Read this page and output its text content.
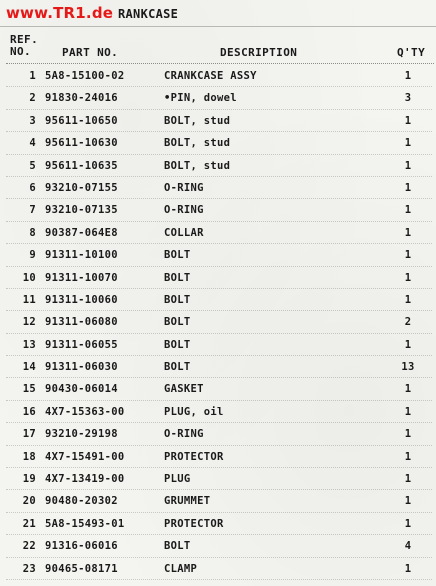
www.TR1.de RANKCASE
REF.
NO.	PART NO.	DESCRIPTION	Q'TY
1 5A8-15100-02	CRANKCASE ASSY	1
2 91830-24016	•PIN, dowel	3
3 95611-10650	BOLT, stud	1
4 95611-10630	BOLT, stud	1
5 95611-10635	BOLT, stud	1
6 93210-07155	O-RING	1
7 93210-07135	O-RING	1
8 90387-064E8	COLLAR	1
9 91311-10100	BOLT	1
10 91311-10070	BOLT	1
11 91311-10060	BOLT	1
12 91311-06080	BOLT	2
13 91311-06055	BOLT	1
14 91311-06030	BOLT	13
15 90430-06014	GASKET	1
16 4X7-15363-00	PLUG, oil	1
17 93210-29198	O-RING	1
18 4X7-15491-00	PROTECTOR	1
19 4X7-13419-00	PLUG	1
20 90480-20302	GRUMMET	1
21 5A8-15493-01	PROTECTOR	1
22 91316-06016	BOLT	4
23 90465-08171	CLAMP	1
